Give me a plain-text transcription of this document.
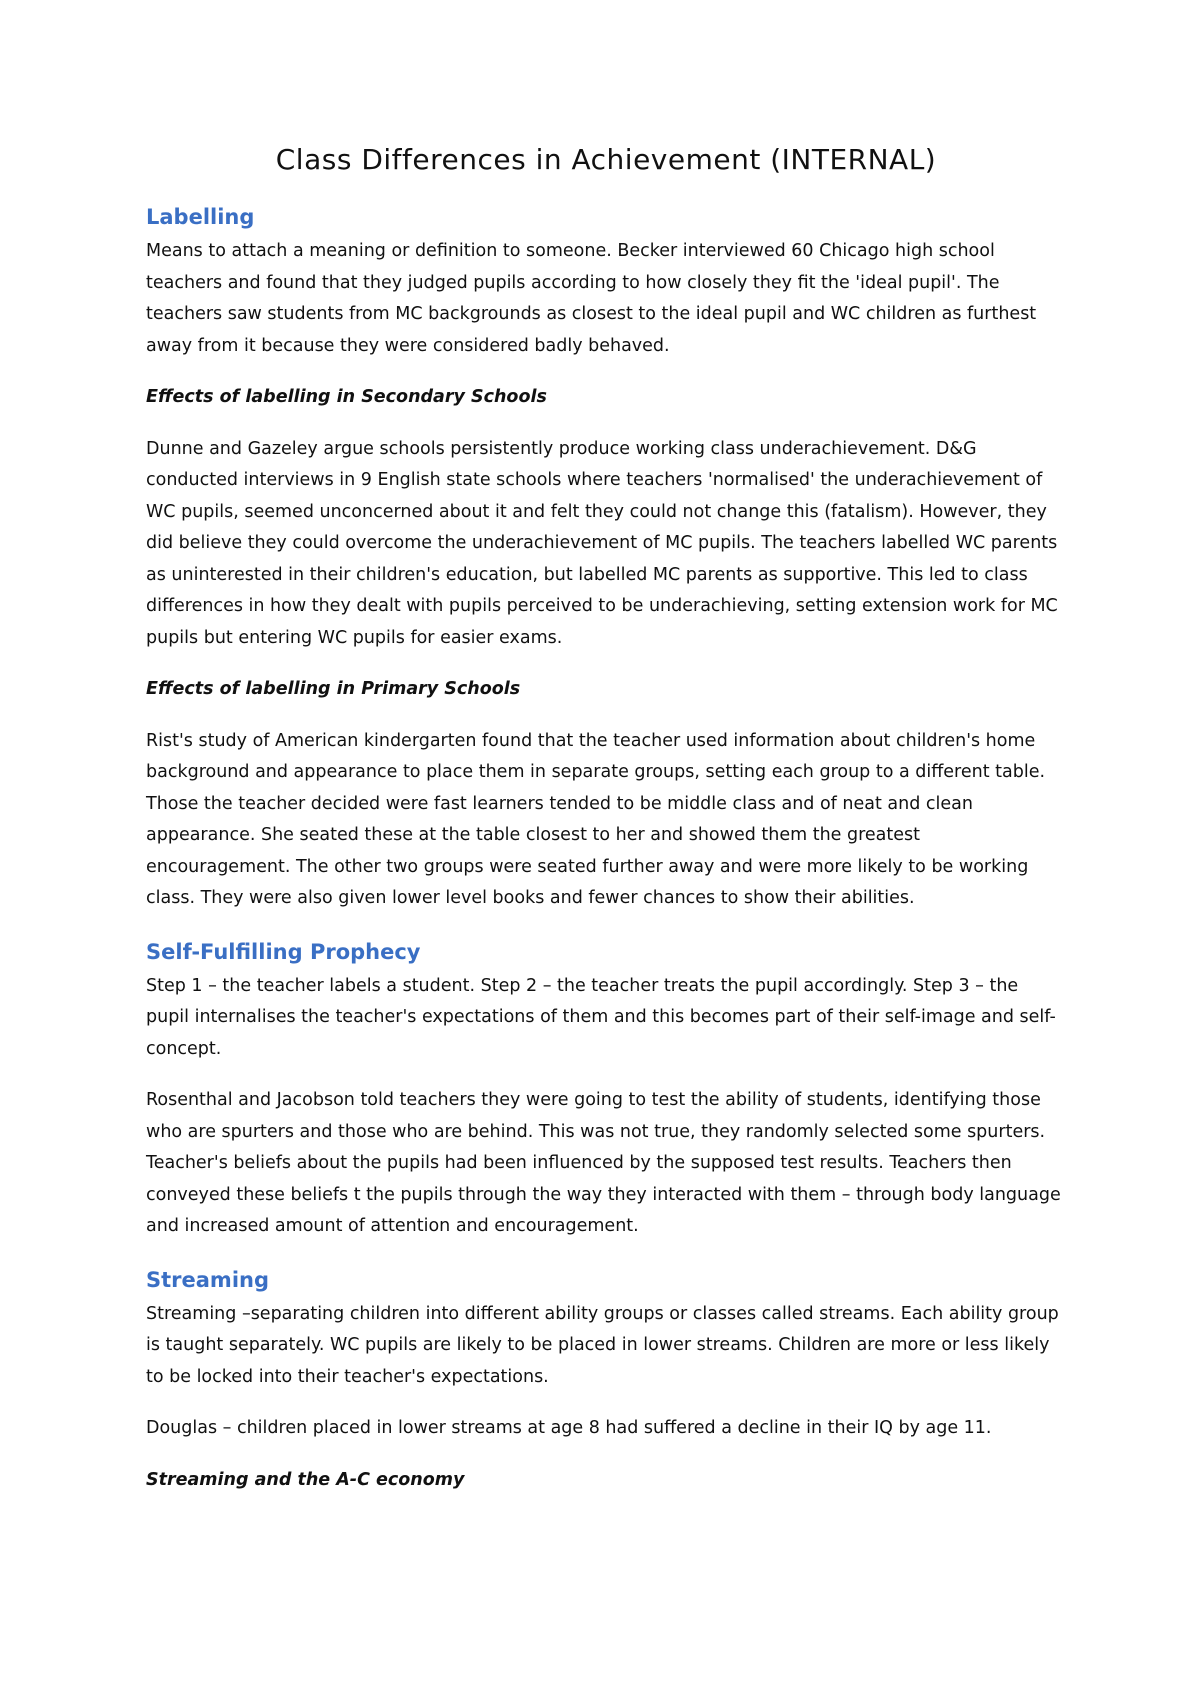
Class Differences in Achievement (INTERNAL)
Labelling
Means to attach a meaning or definition to someone. Becker interviewed 60 Chicago high school teachers and found that they judged pupils according to how closely they fit the 'ideal pupil'. The teachers saw students from MC backgrounds as closest to the ideal pupil and WC children as furthest away from it because they were considered badly behaved.
Effects of labelling in Secondary Schools
Dunne and Gazeley argue schools persistently produce working class underachievement. D&G conducted interviews in 9 English state schools where teachers 'normalised' the underachievement of WC pupils, seemed unconcerned about it and felt they could not change this (fatalism). However, they did believe they could overcome the underachievement of MC pupils. The teachers labelled WC parents as uninterested in their children's education, but labelled MC parents as supportive. This led to class differences in how they dealt with pupils perceived to be underachieving, setting extension work for MC pupils but entering WC pupils for easier exams.
Effects of labelling in Primary Schools
Rist's study of American kindergarten found that the teacher used information about children's home background and appearance to place them in separate groups, setting each group to a different table. Those the teacher decided were fast learners tended to be middle class and of neat and clean appearance. She seated these at the table closest to her and showed them the greatest encouragement. The other two groups were seated further away and were more likely to be working class. They were also given lower level books and fewer chances to show their abilities.
Self-Fulfilling Prophecy
Step 1 – the teacher labels a student. Step 2 – the teacher treats the pupil accordingly. Step 3 – the pupil internalises the teacher's expectations of them and this becomes part of their self-image and self-concept.
Rosenthal and Jacobson told teachers they were going to test the ability of students, identifying those who are spurters and those who are behind. This was not true, they randomly selected some spurters. Teacher's beliefs about the pupils had been influenced by the supposed test results. Teachers then conveyed these beliefs t the pupils through the way they interacted with them – through body language and increased amount of attention and encouragement.
Streaming
Streaming –separating children into different ability groups or classes called streams. Each ability group is taught separately. WC pupils are likely to be placed in lower streams. Children are more or less likely to be locked into their teacher's expectations.
Douglas – children placed in lower streams at age 8 had suffered a decline in their IQ by age 11.
Streaming and the A-C economy
